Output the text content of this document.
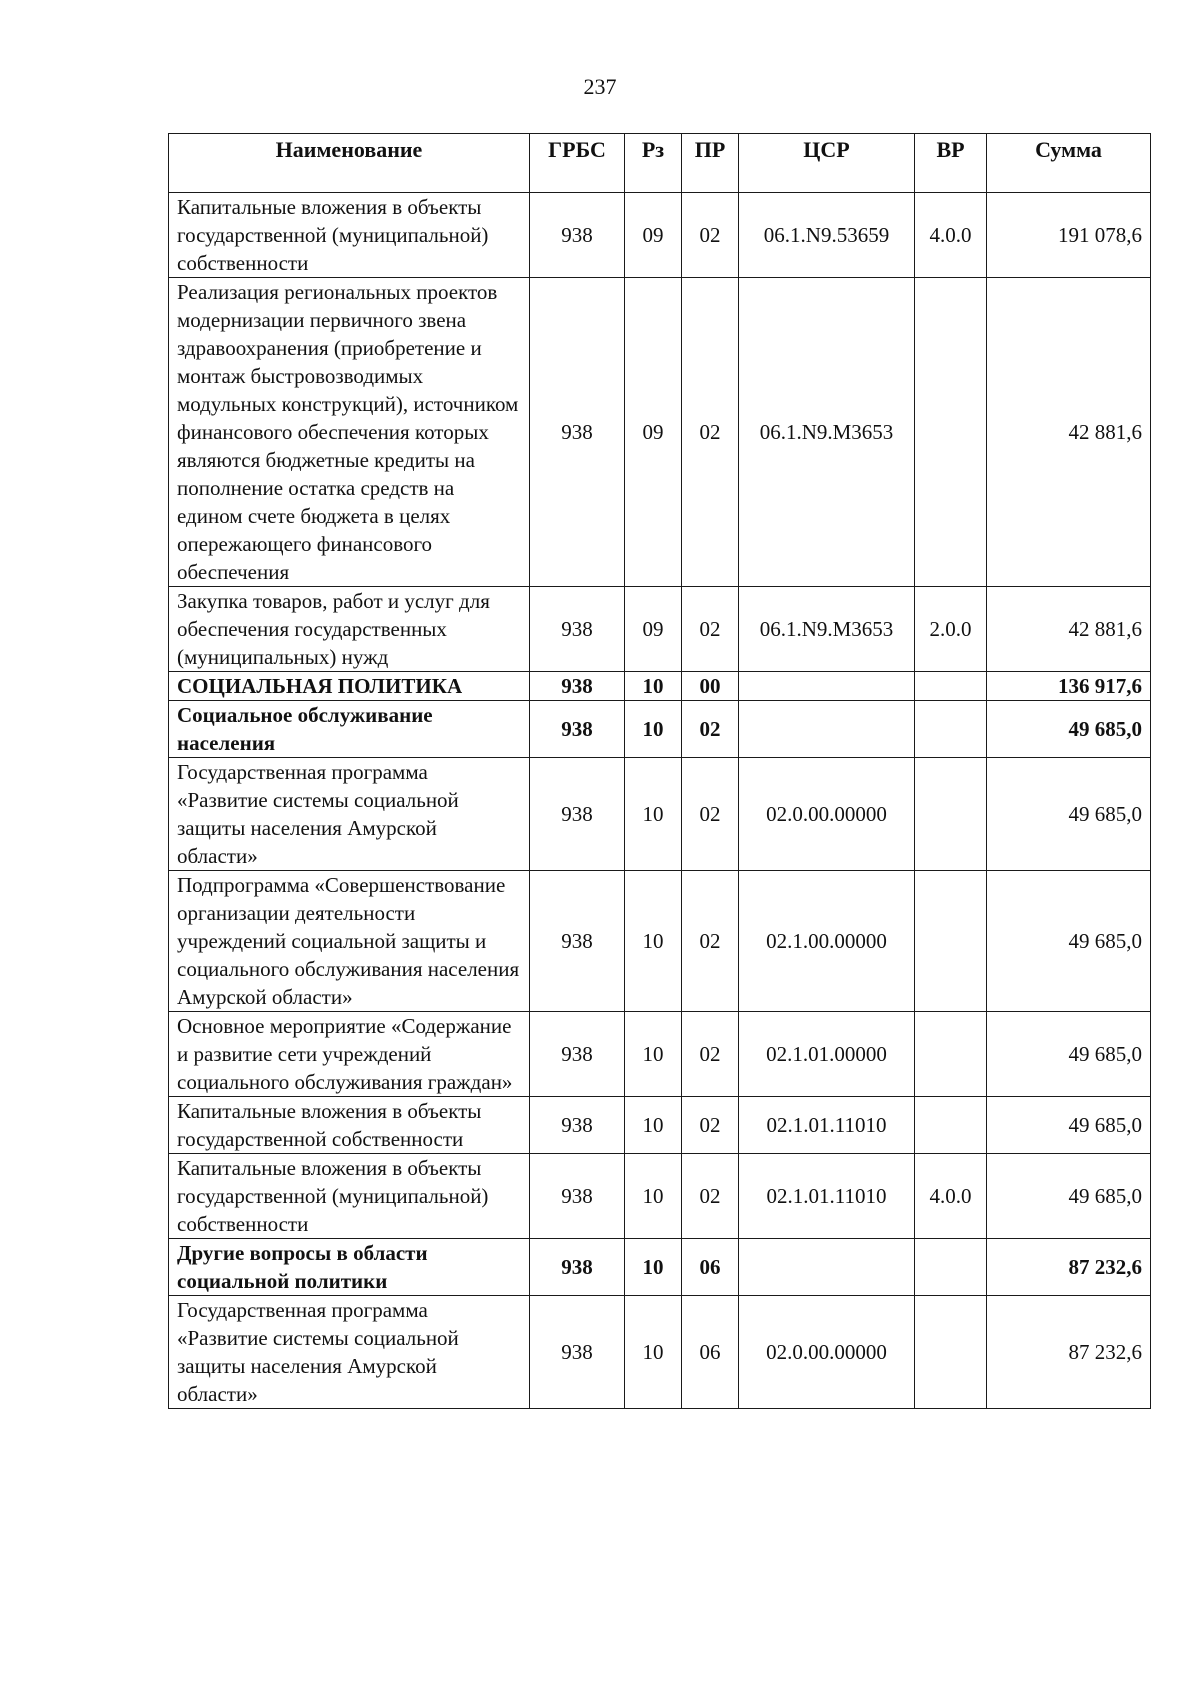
237
Наименование	ГРБС	Рз	ПР	ЦСР	ВР	Сумма
Капитальные вложения в объекты государственной (муниципальной) собственности	938	09	02	06.1.N9.53659	4.0.0	191 078,6
Реализация региональных проектов модернизации первичного звена здравоохранения (приобретение и монтаж быстровозводимых модульных конструкций), источником финансового обеспечения которых являются бюджетные кредиты на пополнение остатка средств на едином счете бюджета в целях опережающего финансового обеспечения	938	09	02	06.1.N9.M3653		42 881,6
Закупка товаров, работ и услуг для обеспечения государственных (муниципальных) нужд	938	09	02	06.1.N9.M3653	2.0.0	42 881,6
СОЦИАЛЬНАЯ ПОЛИТИКА	938	10	00			136 917,6
Социальное обслуживание населения	938	10	02			49 685,0
Государственная программа «Развитие системы социальной защиты населения Амурской области»	938	10	02	02.0.00.00000		49 685,0
Подпрограмма «Совершенствование организации деятельности учреждений социальной защиты и социального обслуживания населения Амурской области»	938	10	02	02.1.00.00000		49 685,0
Основное мероприятие «Содержание и развитие сети учреждений социального обслуживания граждан»	938	10	02	02.1.01.00000		49 685,0
Капитальные вложения в объекты государственной собственности	938	10	02	02.1.01.11010		49 685,0
Капитальные вложения в объекты государственной (муниципальной) собственности	938	10	02	02.1.01.11010	4.0.0	49 685,0
Другие вопросы в области социальной политики	938	10	06			87 232,6
Государственная программа «Развитие системы социальной защиты населения Амурской области»	938	10	06	02.0.00.00000		87 232,6
